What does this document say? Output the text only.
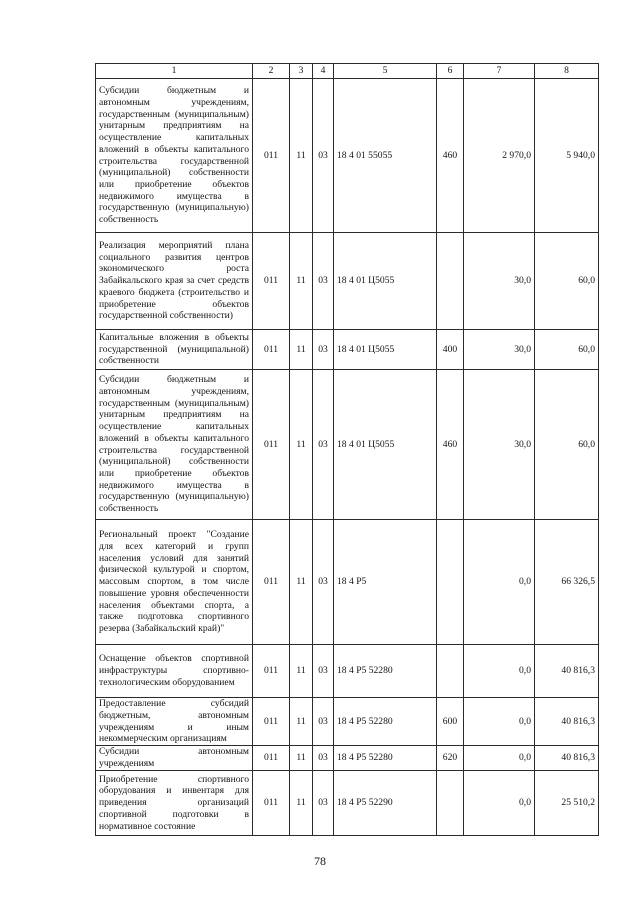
1	2	3	4	5	6	7	8
Субсидии бюджетным и автономным учреждениям, государственным (муниципальным) унитарным предприятиям на осуществление капитальных вложений в объекты капитального строительства государственной (муниципальной) собственности или приобретение объектов недвижимого имущества в государственную (муниципальную) собственность	011	11	03	18 4 01 55055	460	2 970,0	5 940,0
Реализация мероприятий плана социального развития центров экономического роста Забайкальского края за счет средств краевого бюджета (строительство и приобретение объектов государственной собственности)	011	11	03	18 4 01 Ц5055		30,0	60,0
Капитальные вложения в объекты государственной (муниципальной) собственности	011	11	03	18 4 01 Ц5055	400	30,0	60,0
Субсидии бюджетным и автономным учреждениям, государственным (муниципальным) унитарным предприятиям на осуществление капитальных вложений в объекты капитального строительства государственной (муниципальной) собственности или приобретение объектов недвижимого имущества в государственную (муниципальную) собственность	011	11	03	18 4 01 Ц5055	460	30,0	60,0
Региональный проект "Создание для всех категорий и групп населения условий для занятий физической культурой и спортом, массовым спортом, в том числе повышение уровня обеспеченности населения объектами спорта, а также подготовка спортивного резерва (Забайкальский край)"	011	11	03	18 4 P5		0,0	66 326,5
Оснащение объектов спортивной инфраструктуры спортивно-технологическим оборудованием	011	11	03	18 4 P5 52280		0,0	40 816,3
Предоставление субсидий бюджетным, автономным учреждениям и иным некоммерческим организациям	011	11	03	18 4 P5 52280	600	0,0	40 816,3
Субсидии автономным учреждениям	011	11	03	18 4 P5 52280	620	0,0	40 816,3
Приобретение спортивного оборудования и инвентаря для приведения организаций спортивной подготовки в нормативное состояние	011	11	03	18 4 P5 52290		0,0	25 510,2
78
